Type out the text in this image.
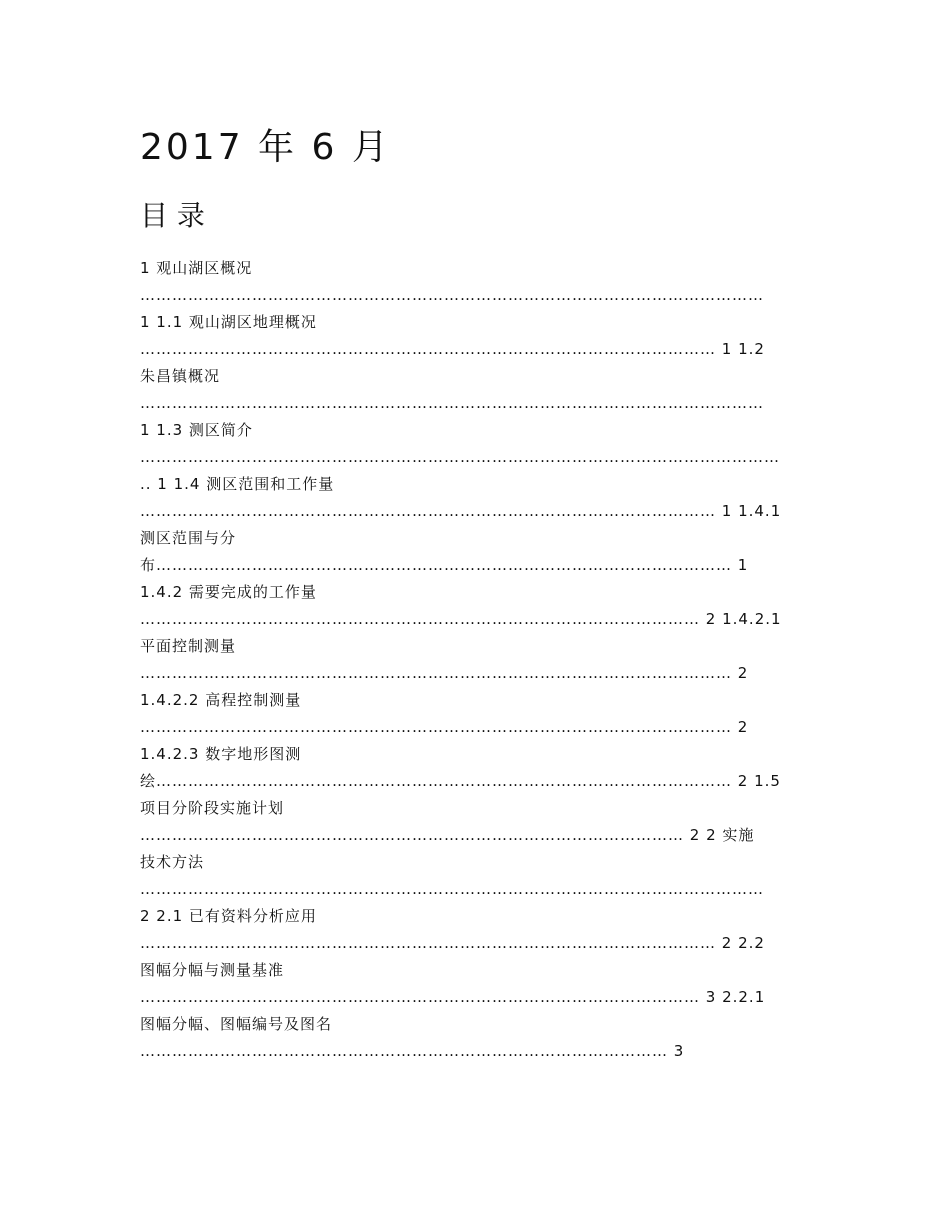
2017 年 6 月
目 录
1 观山湖区概况
………………………………………………………………………………………………………
1 1.1 观山湖区地理概况
……………………………………………………………………………………………… 1 1.2
朱昌镇概况
………………………………………………………………………………………………………
1 1.3 测区简介
…………………………………………………………………………………………………………
.. 1 1.4 测区范围和工作量
……………………………………………………………………………………………… 1 1.4.1
测区范围与分
布……………………………………………………………………………………………… 1
1.4.2 需要完成的工作量
…………………………………………………………………………………………… 2 1.4.2.1
平面控制测量
………………………………………………………………………………………………… 2
1.4.2.2 高程控制测量
………………………………………………………………………………………………… 2
1.4.2.3 数字地形图测
绘……………………………………………………………………………………………… 2 1.5
项目分阶段实施计划
………………………………………………………………………………………… 2 2 实施
技术方法
………………………………………………………………………………………………………
2 2.1 已有资料分析应用
……………………………………………………………………………………………… 2 2.2
图幅分幅与测量基准
…………………………………………………………………………………………… 3 2.2.1
图幅分幅、图幅编号及图名
……………………………………………………………………………………… 3
